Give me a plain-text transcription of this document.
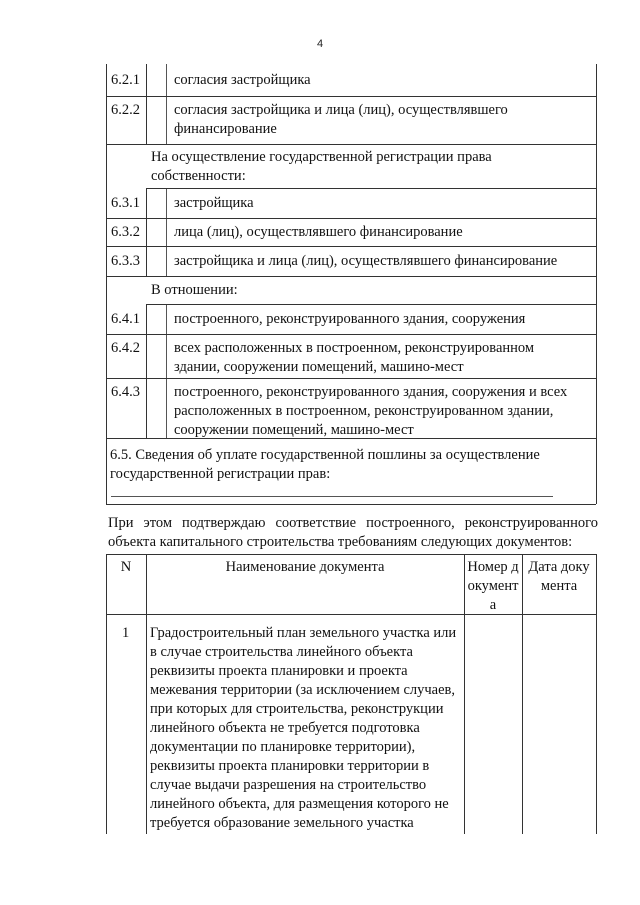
4
6.2.1 согласия застройщика
6.2.2 согласия застройщика и лица (лиц), осуществлявшего финансирование
На осуществление государственной регистрации права собственности:
6.3.1 застройщика
6.3.2 лица (лиц), осуществлявшего финансирование
6.3.3 застройщика и лица (лиц), осуществлявшего финансирование
В отношении:
6.4.1 построенного, реконструированного здания, сооружения
6.4.2 всех расположенных в построенном, реконструированном здании, сооружении помещений, машино-мест
6.4.3 построенного, реконструированного здания, сооружения и всех расположенных в построенном, реконструированном здании, сооружении помещений, машино-мест
6.5. Сведения об уплате государственной пошлины за осуществление государственной регистрации прав:
При этом подтверждаю соответствие построенного, реконструированного объекта капитального строительства требованиям следующих документов:
N	Наименование документа	Номер документа
Дата документа
1 Градостроительный план земельного участка или в случае строительства линейного объекта реквизиты проекта планировки и проекта межевания территории (за исключением случаев, при которых для строительства, реконструкции линейного объекта не требуется подготовка документации по планировке территории), реквизиты проекта планировки территории в случае выдачи разрешения на строительство линейного объекта, для размещения которого не требуется образование земельного участка
